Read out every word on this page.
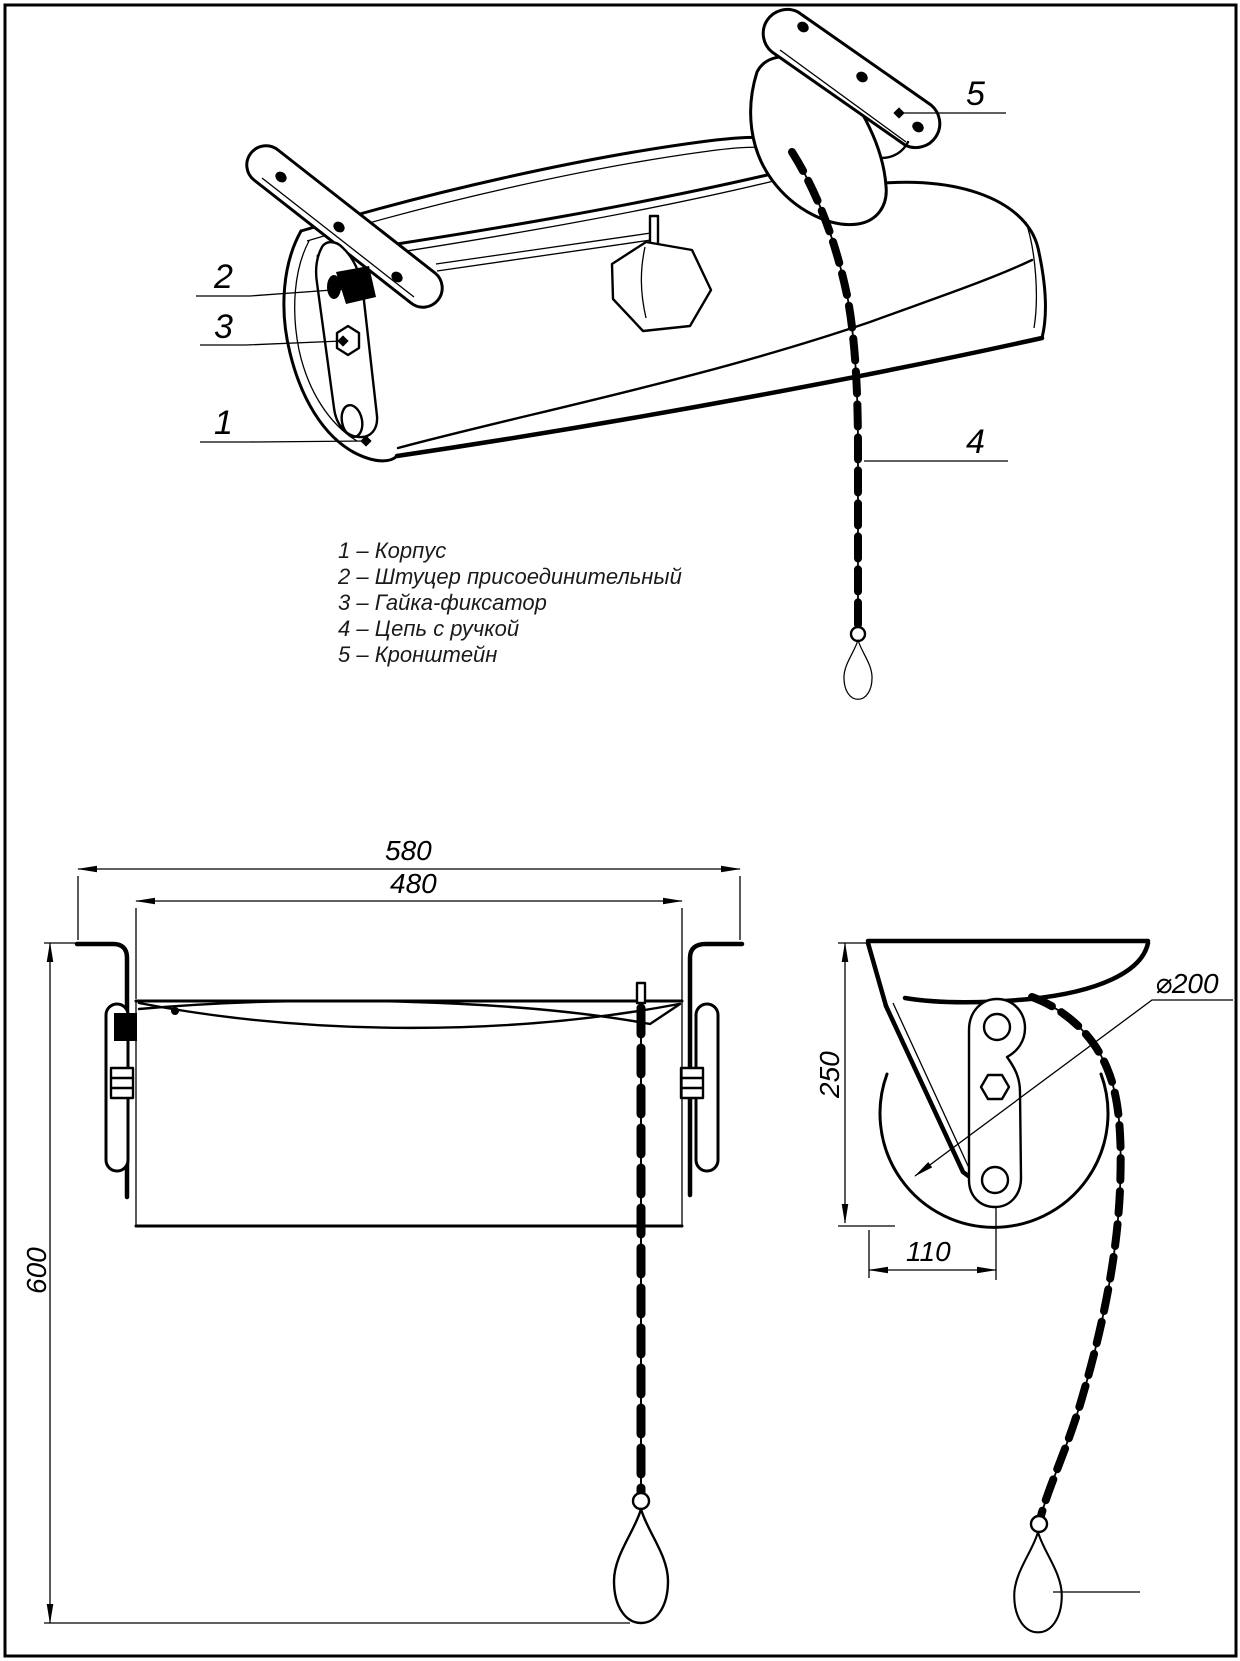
2
3
1	4
5
1 – Корпус
2 – Штуцер присоединительный
3 – Гайка-фиксатор
4 – Цепь с ручкой
5 – Кронштейн
580
480
600
250
110
⌀200
